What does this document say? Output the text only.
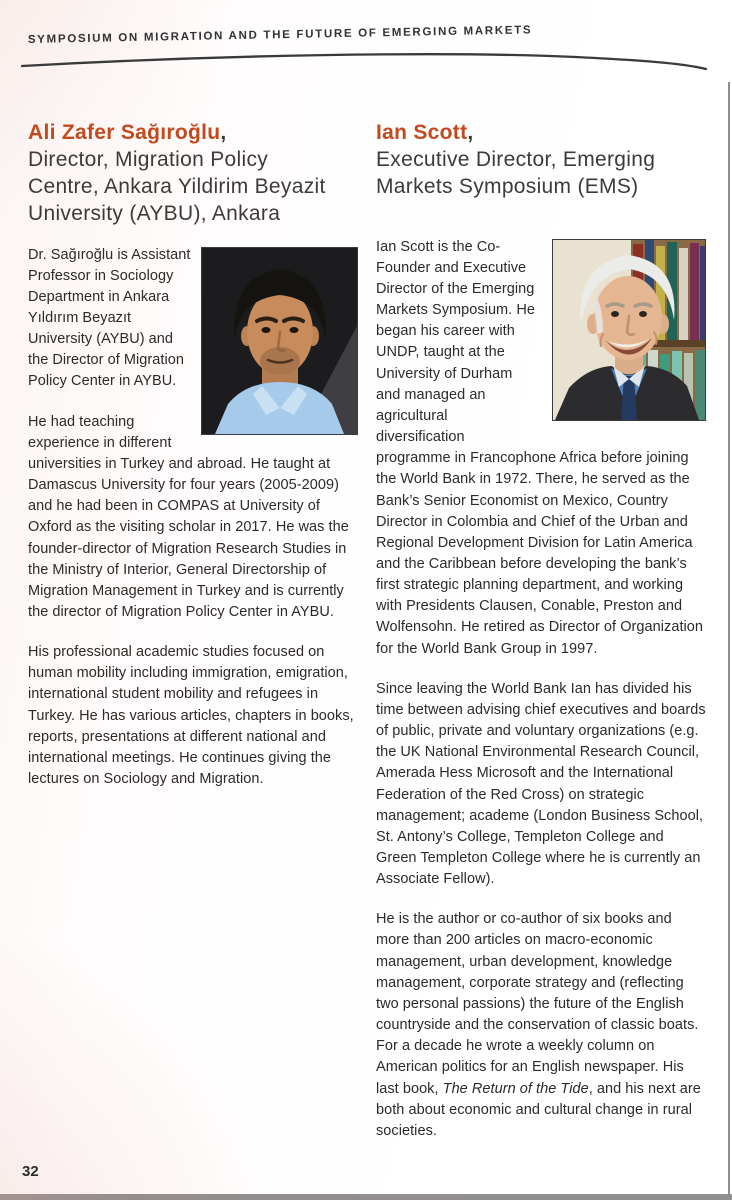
SYMPOSIUM ON MIGRATION AND THE FUTURE OF EMERGING MARKETS
Ali Zafer Sağıroğlu,
Director, Migration Policy
Centre, Ankara Yildirim Beyazit
University (AYBU), Ankara

Dr. Sağıroğlu is Assistant Professor in Sociology Department in Ankara Yıldırım Beyazıt University (AYBU) and the Director of Migration Policy Center in AYBU.

He had teaching experience in different universities in Turkey and abroad. He taught at Damascus University for four years (2005-2009) and he had been in COMPAS at University of Oxford as the visiting scholar in 2017. He was the founder-director of Migration Research Studies in the Ministry of Interior, General Directorship of Migration Management in Turkey and is currently the director of Migration Policy Center in AYBU.

His professional academic studies focused on human mobility including immigration, emigration, international student mobility and refugees in Turkey. He has various articles, chapters in books, reports, presentations at different national and international meetings. He continues giving the lectures on Sociology and Migration.

Ian Scott,
Executive Director, Emerging
Markets Symposium (EMS)

Ian Scott is the Co-Founder and Executive Director of the Emerging Markets Symposium. He began his career with UNDP, taught at the University of Durham and managed an agricultural diversification programme in Francophone Africa before joining the World Bank in 1972. There, he served as the Bank’s Senior Economist on Mexico, Country Director in Colombia and Chief of the Urban and Regional Development Division for Latin America and the Caribbean before developing the bank’s first strategic planning department, and working with Presidents Clausen, Conable, Preston and Wolfensohn. He retired as Director of Organization for the World Bank Group in 1997.

Since leaving the World Bank Ian has divided his time between advising chief executives and boards of public, private and voluntary organizations (e.g. the UK National Environmental Research Council, Amerada Hess Microsoft and the International Federation of the Red Cross) on strategic management; academe (London Business School, St. Antony’s College, Templeton College and Green Templeton College where he is currently an Associate Fellow).

He is the author or co-author of six books and more than 200 articles on macro-economic management, urban development, knowledge management, corporate strategy and (reflecting two personal passions) the future of the English countryside and the conservation of classic boats. For a decade he wrote a weekly column on American politics for an English newspaper. His last book, The Return of the Tide, and his next are both about economic and cultural change in rural societies.

32
